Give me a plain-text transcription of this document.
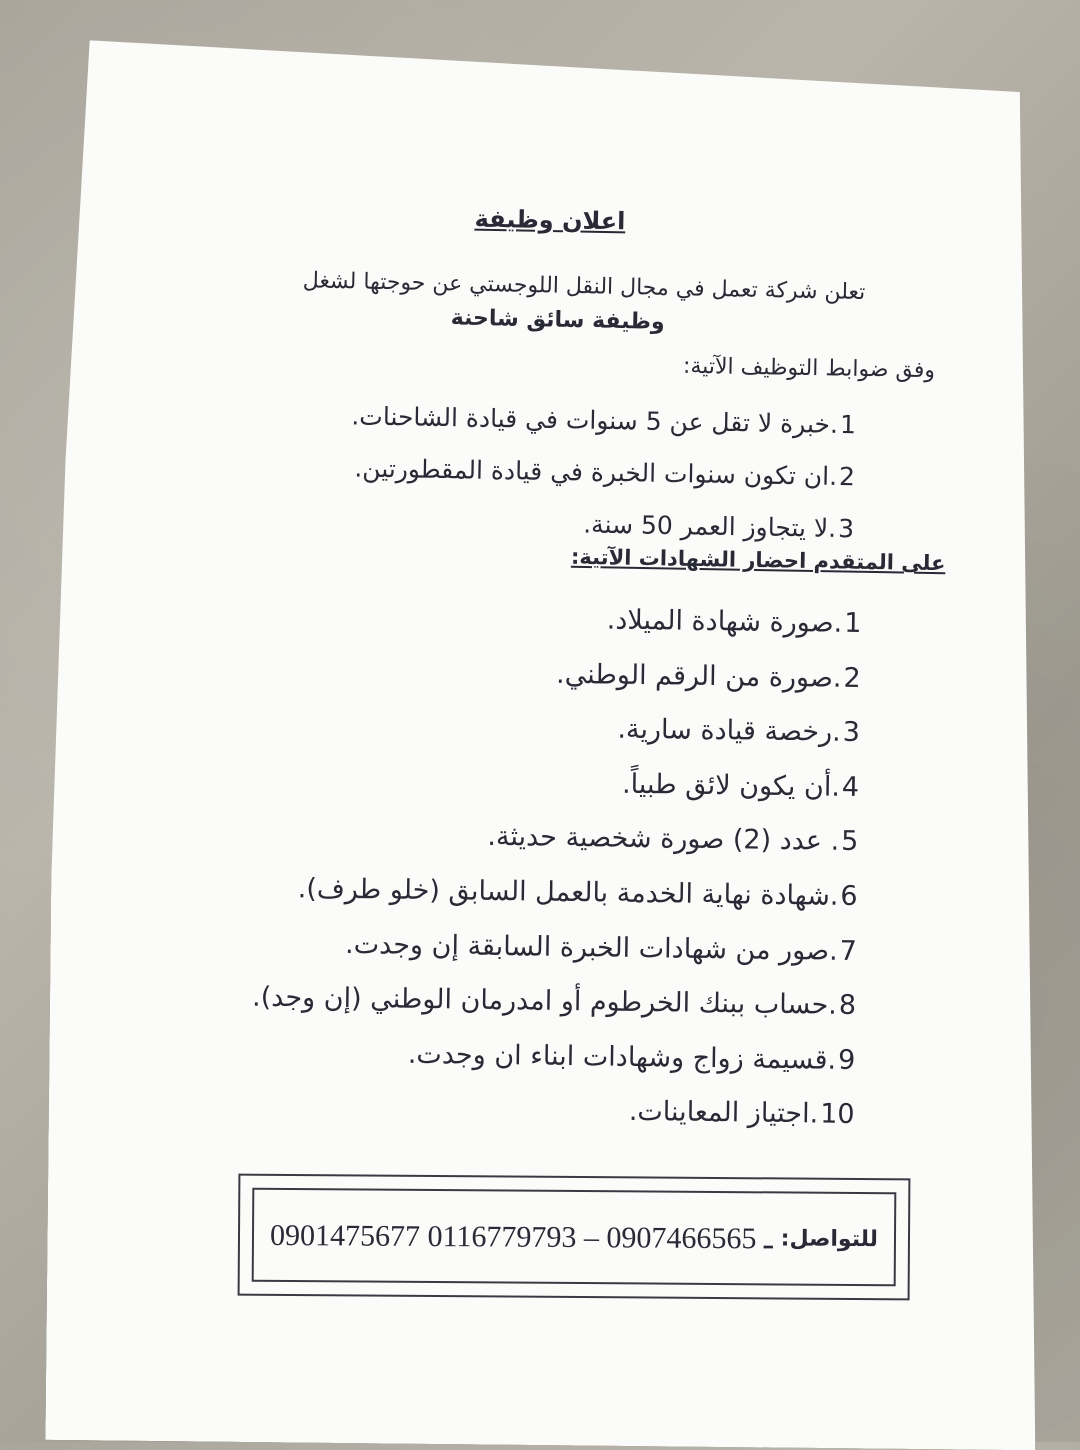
اعلان وظيفة
تعلن شركة تعمل في مجال النقل اللوجستي عن حوجتها لشغل
وظيفة سائق شاحنة
وفق ضوابط التوظيف الآتية:
1.خبرة لا تقل عن 5 سنوات في قيادة الشاحنات.
2.ان تكون سنوات الخبرة في قيادة المقطورتين.
3.لا يتجاوز العمر 50 سنة.
على المتقدم احضار الشهادات الآتية:
1.صورة شهادة الميلاد.
2.صورة من الرقم الوطني.
3.رخصة قيادة سارية.
4.أن يكون لائق طبياً.
5. عدد (2) صورة شخصية حديثة.
6.شهادة نهاية الخدمة بالعمل السابق (خلو طرف).
7.صور من شهادات الخبرة السابقة إن وجدت.
8.حساب ببنك الخرطوم أو امدرمان الوطني (إن وجد).
9.قسيمة زواج وشهادات ابناء ان وجدت.
10.اجتياز المعاينات.
للتواصل:
0901475677 ـ 0907466565 – 0116779793
